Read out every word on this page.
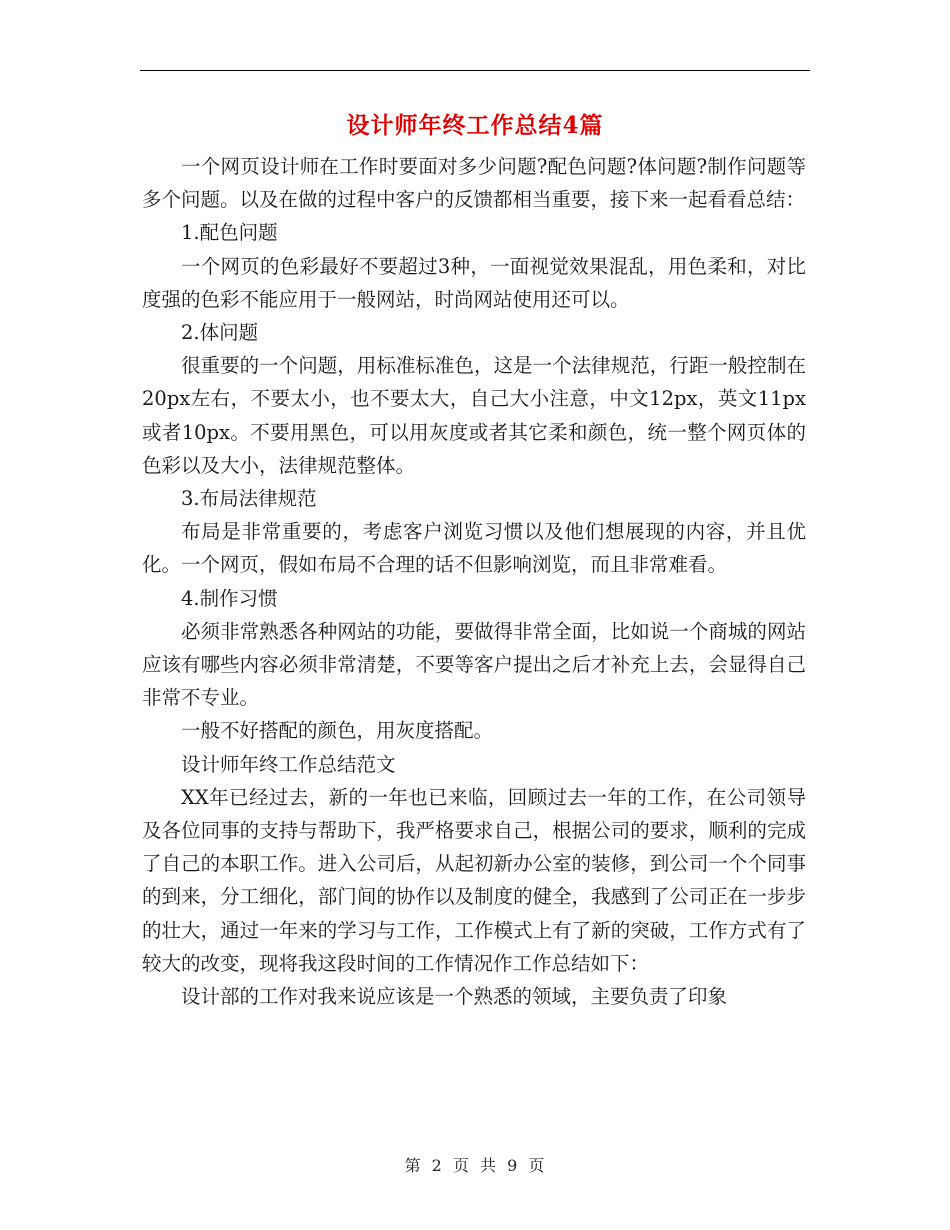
设计师年终工作总结4篇

一个网页设计师在工作时要面对多少问题?配色问题?体问题?制作问题等多个问题。以及在做的过程中客户的反馈都相当重要，接下来一起看看总结：

1.配色问题

一个网页的色彩最好不要超过3种，一面视觉效果混乱，用色柔和，对比度强的色彩不能应用于一般网站，时尚网站使用还可以。

2.体问题

很重要的一个问题，用标准标准色，这是一个法律规范，行距一般控制在20px左右，不要太小，也不要太大，自己大小注意，中文12px，英文11px或者10px。不要用黑色，可以用灰度或者其它柔和颜色，统一整个网页体的色彩以及大小，法律规范整体。

3.布局法律规范

布局是非常重要的，考虑客户浏览习惯以及他们想展现的内容，并且优化。一个网页，假如布局不合理的话不但影响浏览，而且非常难看。

4.制作习惯

必须非常熟悉各种网站的功能，要做得非常全面，比如说一个商城的网站应该有哪些内容必须非常清楚，不要等客户提出之后才补充上去，会显得自己非常不专业。

一般不好搭配的颜色，用灰度搭配。

设计师年终工作总结范文

XX年已经过去，新的一年也已来临，回顾过去一年的工作，在公司领导及各位同事的支持与帮助下，我严格要求自己，根据公司的要求，顺利的完成了自己的本职工作。进入公司后，从起初新办公室的装修，到公司一个个同事的到来，分工细化，部门间的协作以及制度的健全，我感到了公司正在一步步的壮大，通过一年来的学习与工作，工作模式上有了新的突破，工作方式有了较大的改变，现将我这段时间的工作情况作工作总结如下：

设计部的工作对我来说应该是一个熟悉的领域，主要负责了印象

第 2 页 共 9 页
